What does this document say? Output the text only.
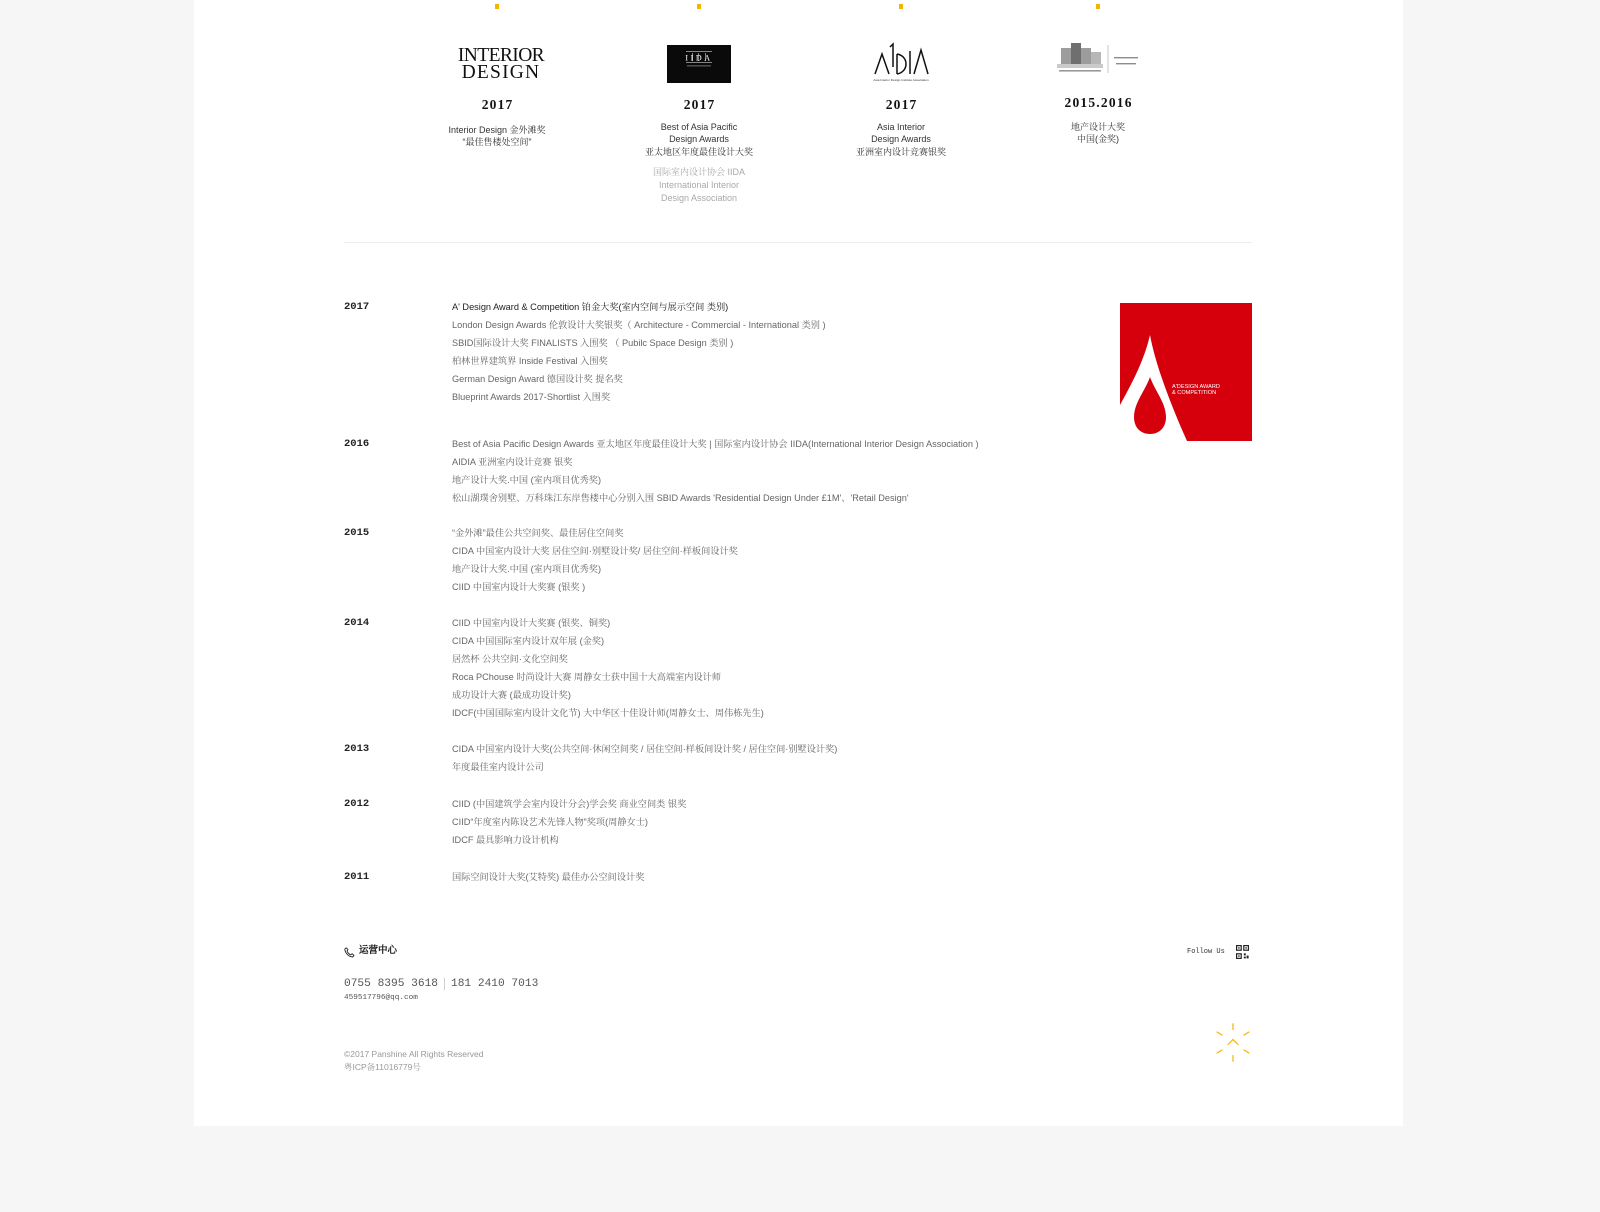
INTERIOR
DESIGN
2017
Interior Design 金外滩奖
“最佳售楼处空间”
IIDA
2017
Best of Asia Pacific
Design Awards
亚太地区年度最佳设计大奖
国际室内设计协会 IIDA
International Interior
Design Association
Asia Interior Design Institute Association
2017
Asia Interior
Design Awards
亚洲室内设计竞赛银奖
2015.2016
地产设计大奖
中国(金奖)
2017	A' Design Award & Competition 铂金大奖(室内空间与展示空间 类别)
London Design Awards 伦敦设计大奖银奖（ Architecture - Commercial - International 类别 )
SBID国际设计大奖 FINALISTS 入围奖 （ Pubilc Space Design 类别 )
柏林世界建筑界 Inside Festival 入围奖
German Design Award 德国设计奖 提名奖
Blueprint Awards 2017-Shortlist 入围奖
2016	Best of Asia Pacific Design Awards 亚太地区年度最佳设计大奖 | 国际室内设计协会 IIDA(International Interior Design Association )
AIDIA 亚洲室内设计竞赛 银奖
地产设计大奖.中国 (室内项目优秀奖)
松山湖璞舍别墅、万科珠江东岸售楼中心分别入围 SBID Awards 'Residential Design Under £1M'、'Retail Design'
2015	“金外滩”最佳公共空间奖、最佳居住空间奖
CIDA 中国室内设计大奖 居住空间·别墅设计奖/ 居住空间·样板间设计奖
地产设计大奖.中国 (室内项目优秀奖)
CIID 中国室内设计大奖赛 (银奖 )
2014	CIID 中国室内设计大奖赛 (银奖、铜奖)
CIDA 中国国际室内设计双年展 (金奖)
居然杯 公共空间·文化空间奖
Roca PChouse 时尚设计大赛 周静女士获中国十大高端室内设计师
成功设计大赛 (最成功设计奖)
IDCF(中国国际室内设计文化节) 大中华区十佳设计师(周静女士、周伟栋先生)
2013	CIDA 中国室内设计大奖(公共空间·休闲空间奖 / 居住空间·样板间设计奖 / 居住空间·别墅设计奖)
年度最佳室内设计公司
2012	CIID (中国建筑学会室内设计分会)学会奖 商业空间类 银奖
CIID“年度室内陈设艺术先锋人物”奖项(周静女士)
IDCF 最具影响力设计机构
2011	国际空间设计大奖(艾特奖) 最佳办公空间设计奖
A'DESIGN AWARD
& COMPETITION
运营中心	Follow Us
0755 8395 3618 181 2410 7013
459517796@qq.com
©2017 Panshine All Rights Reserved
粤ICP备11016779号
